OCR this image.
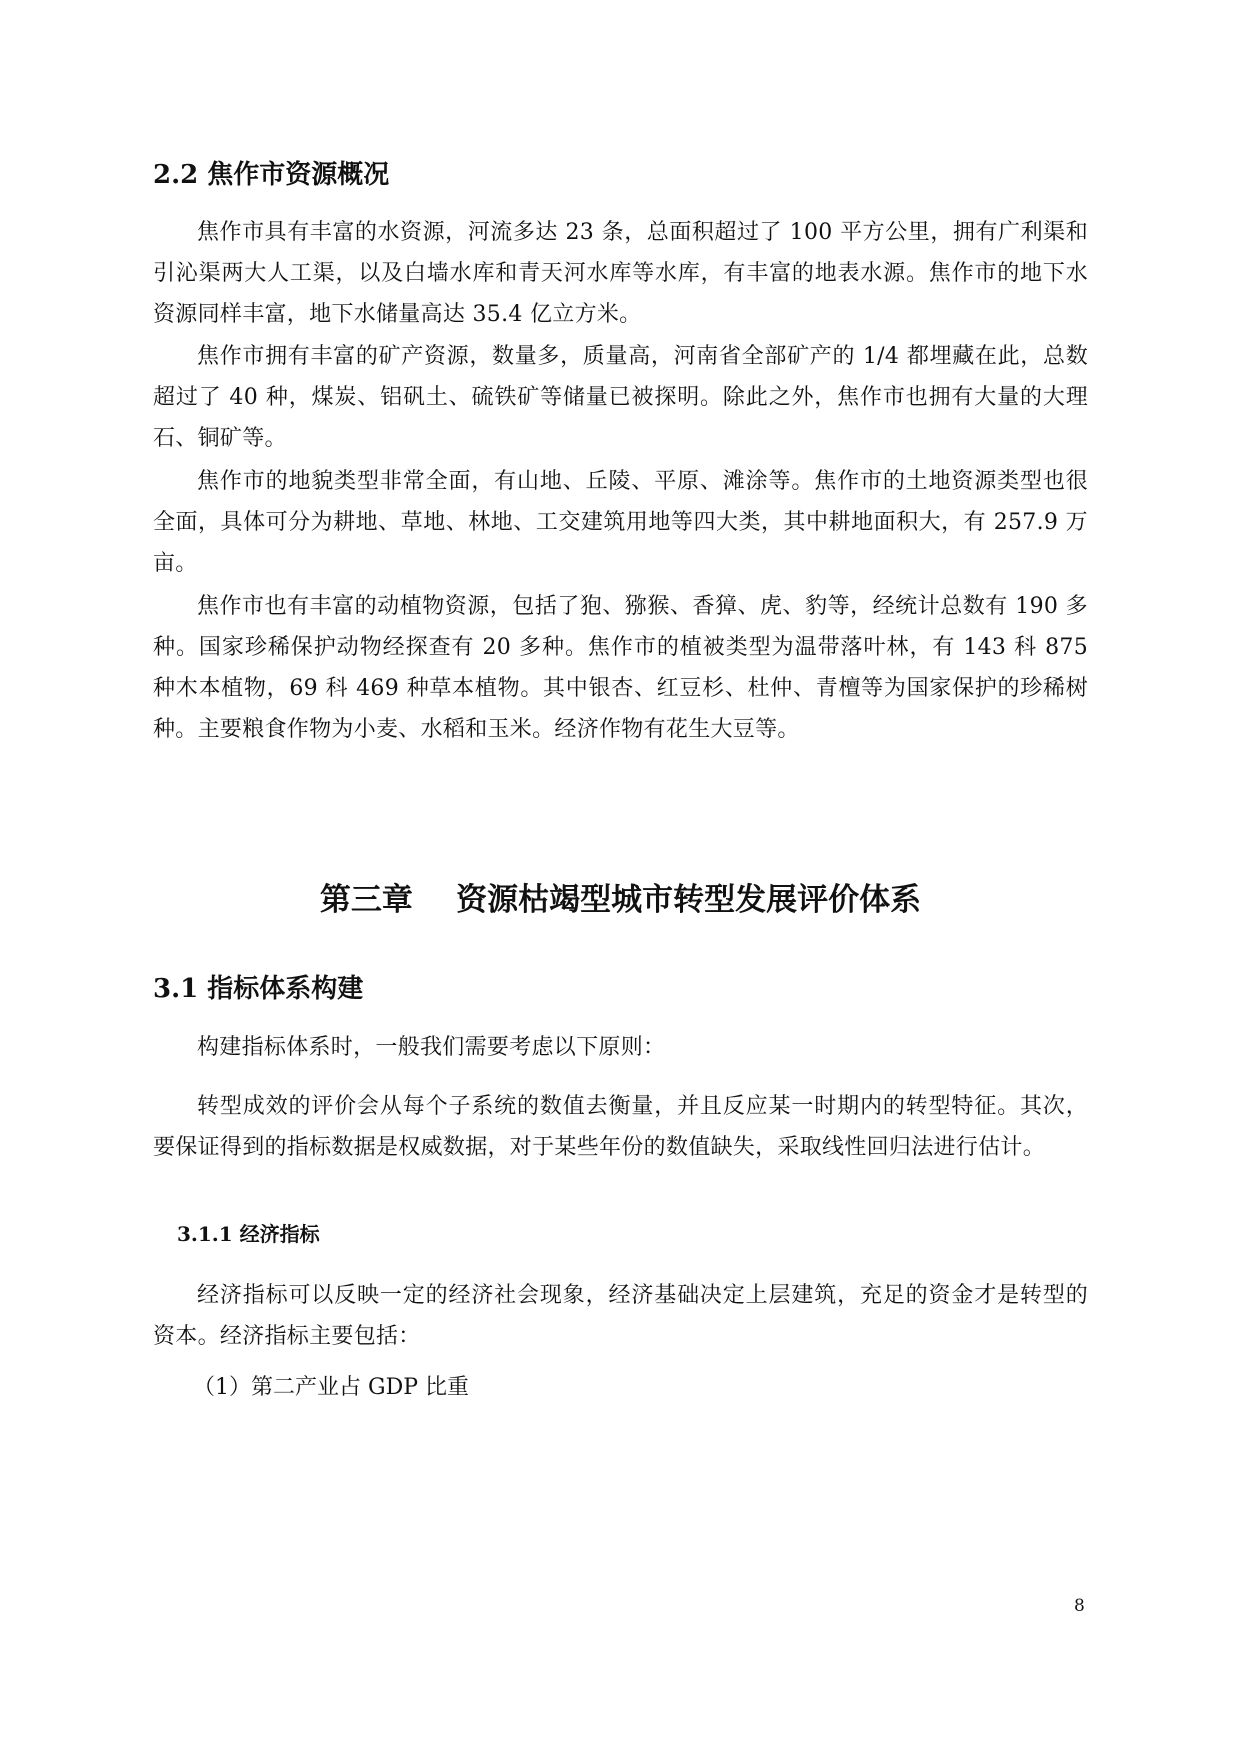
2.2 焦作市资源概况

焦作市具有丰富的水资源，河流多达 23 条，总面积超过了 100 平方公里，拥有广利渠和引沁渠两大人工渠，以及白墙水库和青天河水库等水库，有丰富的地表水源。焦作市的地下水资源同样丰富，地下水储量高达 35.4 亿立方米。

焦作市拥有丰富的矿产资源，数量多，质量高，河南省全部矿产的 1/4 都埋藏在此，总数超过了 40 种，煤炭、铝矾土、硫铁矿等储量已被探明。除此之外，焦作市也拥有大量的大理石、铜矿等。

焦作市的地貌类型非常全面，有山地、丘陵、平原、滩涂等。焦作市的土地资源类型也很全面，具体可分为耕地、草地、林地、工交建筑用地等四大类，其中耕地面积大，有 257.9 万亩。

焦作市也有丰富的动植物资源，包括了狍、猕猴、香獐、虎、豹等，经统计总数有 190 多种。国家珍稀保护动物经探查有 20 多种。焦作市的植被类型为温带落叶林，有 143 科 875 种木本植物，69 科 469 种草本植物。其中银杏、红豆杉、杜仲、青檀等为国家保护的珍稀树种。主要粮食作物为小麦、水稻和玉米。经济作物有花生大豆等。

第三章    资源枯竭型城市转型发展评价体系
3.1 指标体系构建

构建指标体系时，一般我们需要考虑以下原则：

转型成效的评价会从每个子系统的数值去衡量，并且反应某一时期内的转型特征。其次，要保证得到的指标数据是权威数据，对于某些年份的数值缺失，采取线性回归法进行估计。

3.1.1 经济指标

经济指标可以反映一定的经济社会现象，经济基础决定上层建筑，充足的资金才是转型的资本。经济指标主要包括：

（1）第二产业占 GDP 比重

8
